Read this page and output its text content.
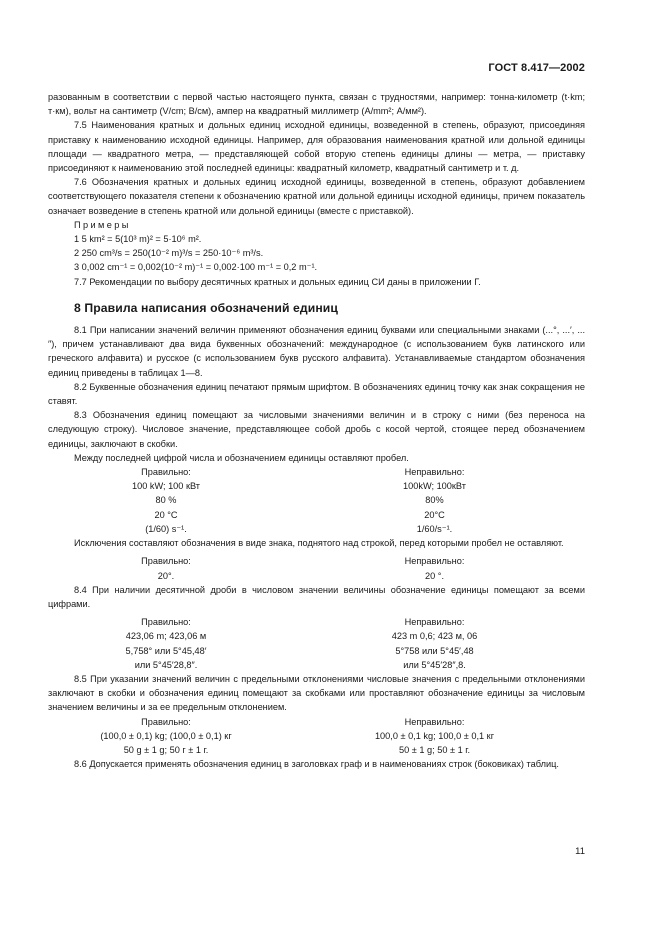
ГОСТ 8.417—2002

разованным в соответствии с первой частью настоящего пункта, связан с трудностями, например: тонна-километр (t·km; т·км), вольт на сантиметр (V/cm; В/см), ампер на квадратный миллиметр (A/mm²; А/мм²).

7.5 Наименования кратных и дольных единиц исходной единицы, возведенной в степень, образуют, присоединяя приставку к наименованию исходной единицы. Например, для образования наименования кратной или дольной единицы площади — квадратного метра, — представляющей собой вторую степень единицы длины — метра, — приставку присоединяют к наименованию этой последней единицы: квадратный километр, квадратный сантиметр и т. д.

7.6 Обозначения кратных и дольных единиц исходной единицы, возведенной в степень, образуют добавлением соответствующего показателя степени к обозначению кратной или дольной единицы исходной единицы, причем показатель означает возведение в степень кратной или дольной единицы (вместе с приставкой).

Примеры

1 5 km² = 5(10³ m)² = 5·10⁶ m².

2 250 cm³/s = 250(10⁻² m)³/s = 250·10⁻⁶ m³/s.

3 0,002 cm⁻¹ = 0,002(10⁻² m)⁻¹ = 0,002·100 m⁻¹ = 0,2 m⁻¹.

7.7 Рекомендации по выбору десятичных кратных и дольных единиц СИ даны в приложении Г.

8 Правила написания обозначений единиц

8.1 При написании значений величин применяют обозначения единиц буквами или специальными знаками (...°, ...′, ...″), причем устанавливают два вида буквенных обозначений: международное (с использованием букв латинского или греческого алфавита) и русское (с использованием букв русского алфавита). Устанавливаемые стандартом обозначения единиц приведены в таблицах 1—8.

8.2 Буквенные обозначения единиц печатают прямым шрифтом. В обозначениях единиц точку как знак сокращения не ставят.

8.3 Обозначения единиц помещают за числовыми значениями величин и в строку с ними (без переноса на следующую строку). Числовое значение, представляющее собой дробь с косой чертой, стоящее перед обозначением единицы, заключают в скобки.

Между последней цифрой числа и обозначением единицы оставляют пробел.

Правильно:
100 kW; 100 кВт
80 %
20 °C
(1/60) s⁻¹.
Неправильно:
100kW; 100кВт
80%
20°C
1/60/s⁻¹.

Исключения составляют обозначения в виде знака, поднятого над строкой, перед которыми пробел не оставляют.

Правильно:
20°.
Неправильно:
20 °.

8.4 При наличии десятичной дроби в числовом значении величины обозначение единицы помещают за всеми цифрами.

Правильно:
423,06 m; 423,06 м
5,758° или 5°45,48′
или 5°45′28,8″.
Неправильно:
423 m 0,6; 423 м, 06
5°758 или 5°45′,48
или 5°45′28″,8.

8.5 При указании значений величин с предельными отклонениями числовые значения с предельными отклонениями заключают в скобки и обозначения единиц помещают за скобками или проставляют обозначение единицы за числовым значением величины и за ее предельным отклонением.

Правильно:
(100,0 ± 0,1) kg; (100,0 ± 0,1) кг
50 g ± 1 g; 50 г ± 1 г.
Неправильно:
100,0 ± 0,1 kg; 100,0 ± 0,1 кг
50 ± 1 g; 50 ± 1 г.

8.6 Допускается применять обозначения единиц в заголовках граф и в наименованиях строк (боковиках) таблиц.

11
